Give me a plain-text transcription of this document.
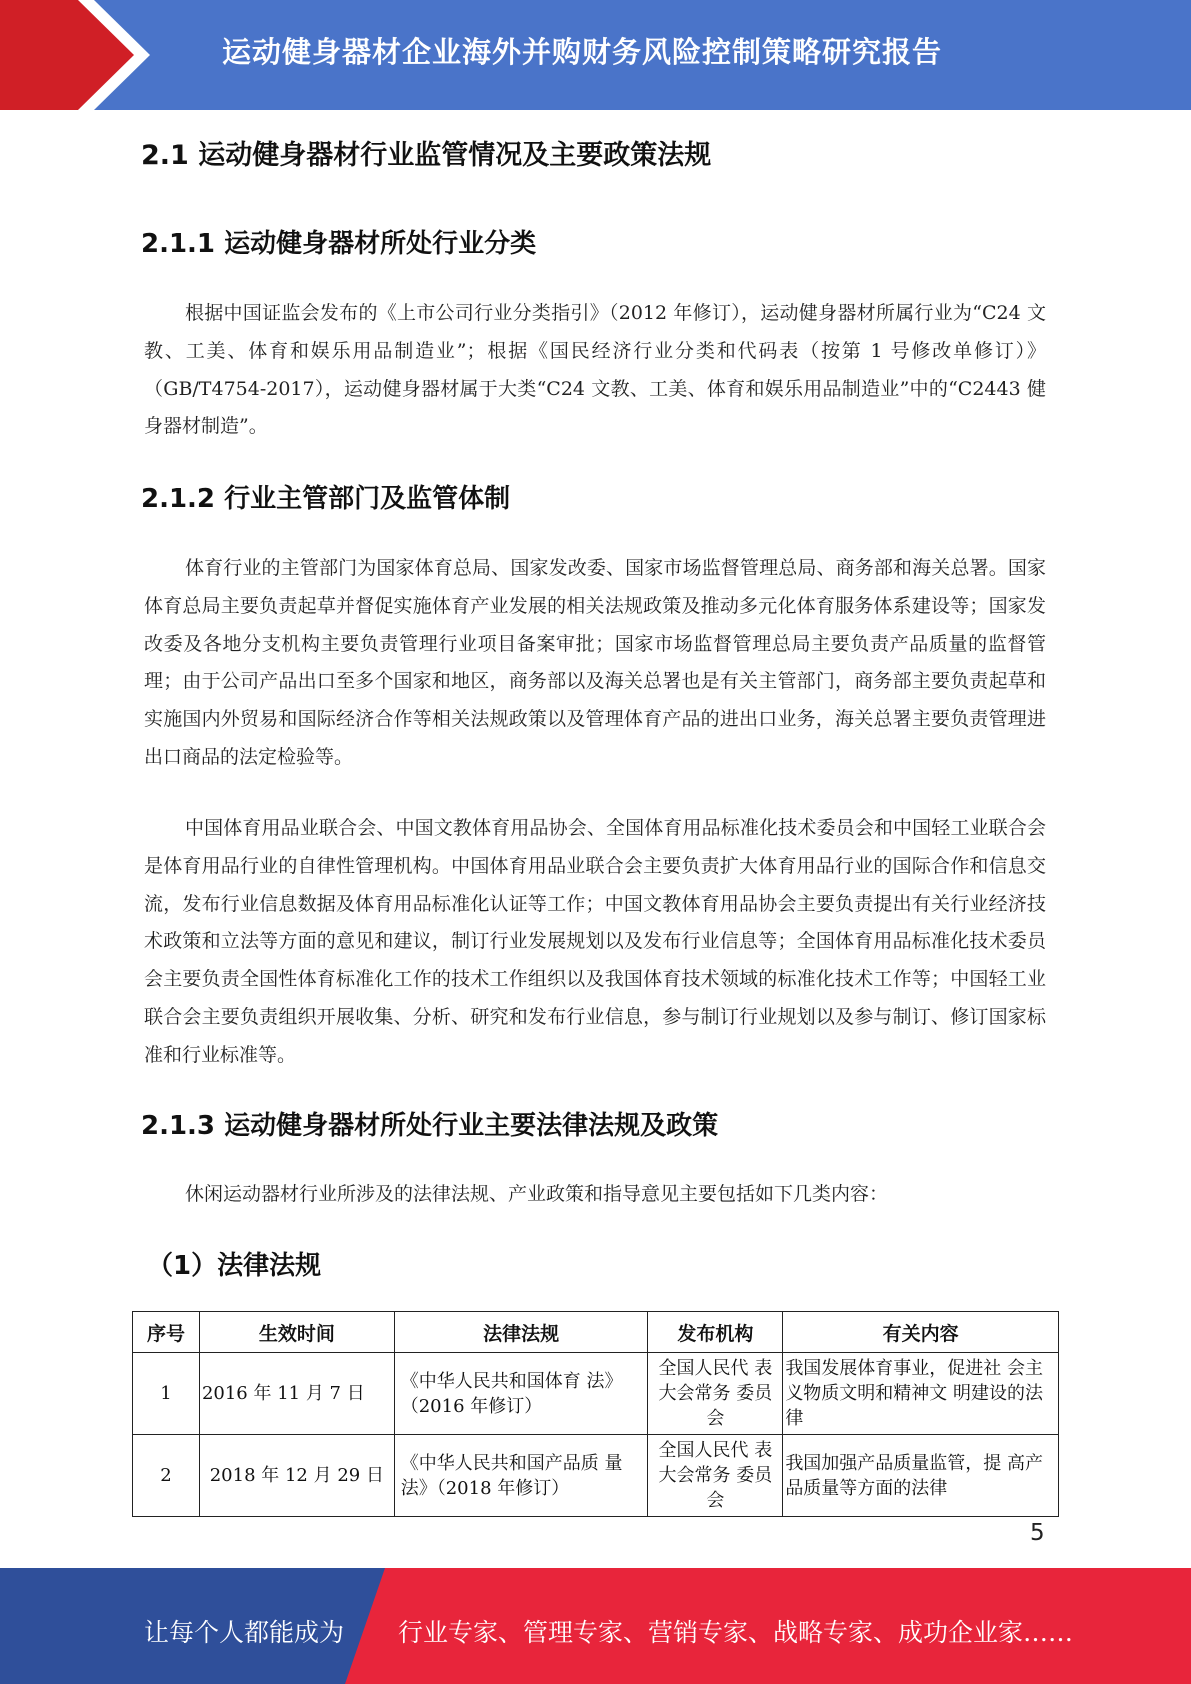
运动健身器材企业海外并购财务风险控制策略研究报告
2.1 运动健身器材行业监管情况及主要政策法规
2.1.1 运动健身器材所处行业分类

根据中国证监会发布的《上市公司行业分类指引》（2012 年修订），运动健身器材所属行业为“C24 文教、工美、体育和娱乐用品制造业”；根据《国民经济行业分类和代码表（按第 1 号修改单修订）》（GB/T4754-2017），运动健身器材属于大类“C24 文教、工美、体育和娱乐用品制造业”中的“C2443 健身器材制造”。

2.1.2 行业主管部门及监管体制

体育行业的主管部门为国家体育总局、国家发改委、国家市场监督管理总局、商务部和海关总署。国家体育总局主要负责起草并督促实施体育产业发展的相关法规政策及推动多元化体育服务体系建设等；国家发改委及各地分支机构主要负责管理行业项目备案审批；国家市场监督管理总局主要负责产品质量的监督管理；由于公司产品出口至多个国家和地区，商务部以及海关总署也是有关主管部门，商务部主要负责起草和实施国内外贸易和国际经济合作等相关法规政策以及管理体育产品的进出口业务，海关总署主要负责管理进出口商品的法定检验等。

中国体育用品业联合会、中国文教体育用品协会、全国体育用品标准化技术委员会和中国轻工业联合会是体育用品行业的自律性管理机构。中国体育用品业联合会主要负责扩大体育用品行业的国际合作和信息交流，发布行业信息数据及体育用品标准化认证等工作；中国文教体育用品协会主要负责提出有关行业经济技术政策和立法等方面的意见和建议，制订行业发展规划以及发布行业信息等；全国体育用品标准化技术委员会主要负责全国性体育标准化工作的技术工作组织以及我国体育技术领域的标准化技术工作等；中国轻工业联合会主要负责组织开展收集、分析、研究和发布行业信息，参与制订行业规划以及参与制订、修订国家标准和行业标准等。

2.1.3 运动健身器材所处行业主要法律法规及政策

休闲运动器材行业所涉及的法律法规、产业政策和指导意见主要包括如下几类内容：

（1）法律法规
序号	生效时间	法律法规	发布机构	有关内容
1	2016 年 11 月 7 日	《中华人民共和国体育 法》（2016 年修订）	全国人民代 表大会常务 委员会	我国发展体育事业，促进社 会主义物质文明和精神文 明建设的法律
2	2018 年 12 月 29 日	《中华人民共和国产品质 量法》（2018 年修订）	全国人民代 表大会常务 委员会	我国加强产品质量监管，提 高产品质量等方面的法律
5
让每个人都能成为 行业专家、管理专家、营销专家、战略专家、成功企业家……
